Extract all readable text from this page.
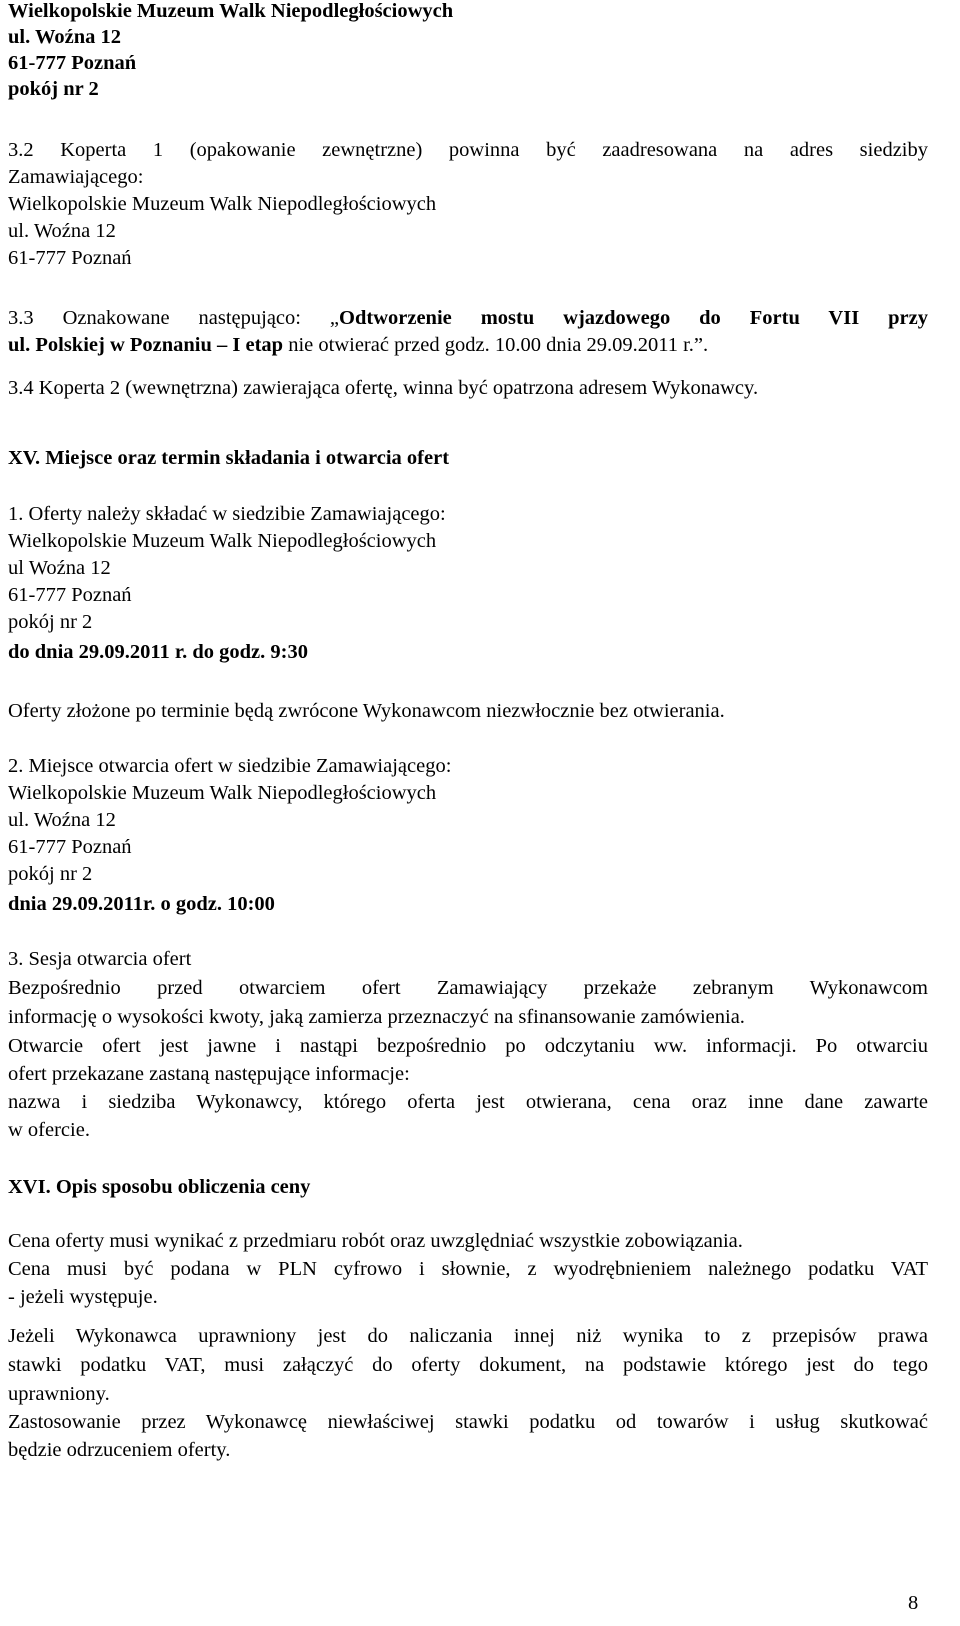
Wielkopolskie Muzeum Walk Niepodległościowych
ul. Woźna 12
61-777 Poznań
pokój nr 2
3.2 Koperta 1 (opakowanie zewnętrzne) powinna być zaadresowana na adres siedziby
Zamawiającego:
Wielkopolskie Muzeum Walk Niepodległościowych
ul. Woźna 12
61-777 Poznań
3.3 Oznakowane następująco: „Odtworzenie mostu wjazdowego do Fortu VII przy
ul. Polskiej w Poznaniu – I etap nie otwierać przed godz. 10.00 dnia 29.09.2011 r.”.
3.4 Koperta 2 (wewnętrzna) zawierająca ofertę, winna być opatrzona adresem Wykonawcy.
XV. Miejsce oraz termin składania i otwarcia ofert
1. Oferty należy składać w siedzibie Zamawiającego:
Wielkopolskie Muzeum Walk Niepodległościowych
ul Woźna 12
61-777 Poznań
pokój nr 2
do dnia 29.09.2011 r. do godz. 9:30
Oferty złożone po terminie będą zwrócone Wykonawcom niezwłocznie bez otwierania.
2. Miejsce otwarcia ofert w siedzibie Zamawiającego:
Wielkopolskie Muzeum Walk Niepodległościowych
ul. Woźna 12
61-777 Poznań
pokój nr 2
dnia 29.09.2011r. o godz. 10:00
3. Sesja otwarcia ofert
Bezpośrednio przed otwarciem ofert Zamawiający przekaże zebranym Wykonawcom
informację o wysokości kwoty, jaką zamierza przeznaczyć na sfinansowanie zamówienia.
Otwarcie ofert jest jawne i nastąpi bezpośrednio po odczytaniu ww. informacji. Po otwarciu
ofert przekazane zastaną następujące informacje:
nazwa i siedziba Wykonawcy, którego oferta jest otwierana, cena oraz inne dane zawarte
w ofercie.
XVI. Opis sposobu obliczenia ceny
Cena oferty musi wynikać z przedmiaru robót oraz uwzględniać wszystkie zobowiązania.
Cena musi być podana w PLN cyfrowo i słownie, z wyodrębnieniem należnego podatku VAT
- jeżeli występuje.
Jeżeli Wykonawca uprawniony jest do naliczania innej niż wynika to z przepisów prawa
stawki podatku VAT, musi załączyć do oferty dokument, na podstawie którego jest do tego
uprawniony.
Zastosowanie przez Wykonawcę niewłaściwej stawki podatku od towarów i usług skutkować
będzie odrzuceniem oferty.
8
